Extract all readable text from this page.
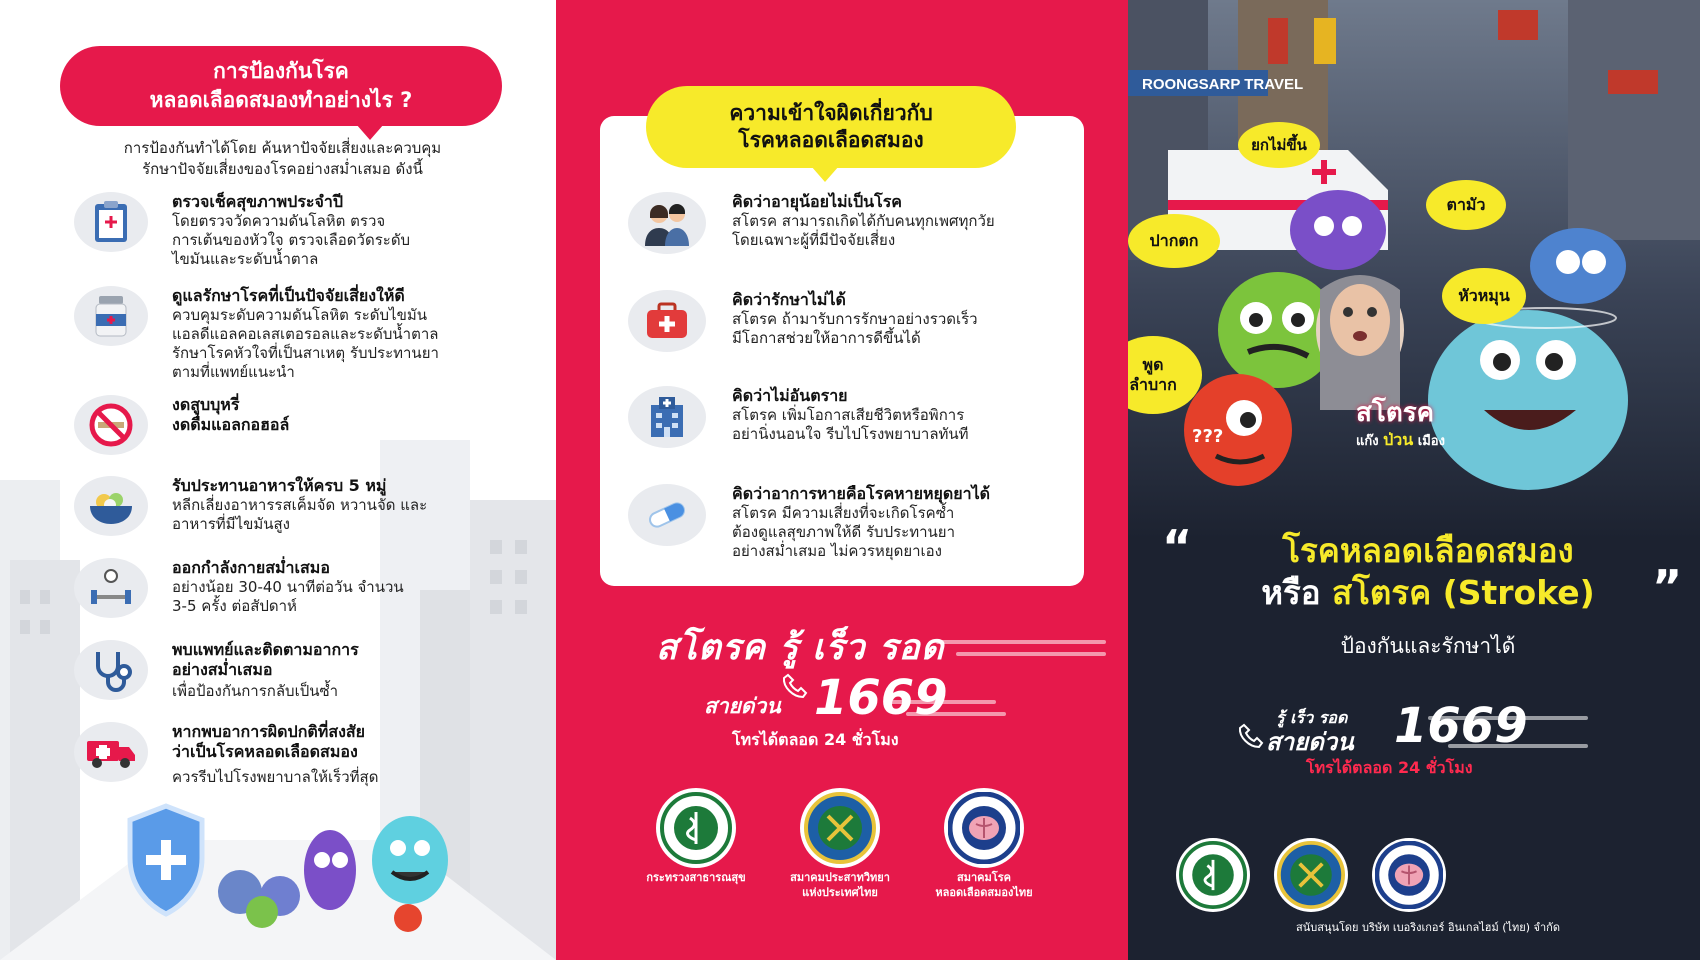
การป้องกันโรค
หลอดเลือดสมองทำอย่างไร ?
การป้องกันทำได้โดย ค้นหาปัจจัยเสี่ยงและควบคุม
รักษาปัจจัยเสี่ยงของโรคอย่างสม่ำเสมอ ดังนี้
ตรวจเช็คสุขภาพประจำปี
โดยตรวจวัดความดันโลหิต ตรวจ
การเต้นของหัวใจ ตรวจเลือดวัดระดับ
ไขมันและระดับน้ำตาล
ดูแลรักษาโรคที่เป็นปัจจัยเสี่ยงให้ดี
ควบคุมระดับความดันโลหิต ระดับไขมัน
แอลดีแอลคอเลสเตอรอลและระดับน้ำตาล
รักษาโรคหัวใจที่เป็นสาเหตุ รับประทานยา
ตามที่แพทย์แนะนำ
งดสูบบุหรี่
งดดื่มแอลกอฮอล์
รับประทานอาหารให้ครบ 5 หมู่
หลีกเลี่ยงอาหารรสเค็มจัด หวานจัด และ
อาหารที่มีไขมันสูง
ออกกำลังกายสม่ำเสมอ
อย่างน้อย 30-40 นาทีต่อวัน จำนวน
3-5 ครั้ง ต่อสัปดาห์
พบแพทย์และติดตามอาการ
อย่างสม่ำเสมอ
เพื่อป้องกันการกลับเป็นซ้ำ
หากพบอาการผิดปกติที่สงสัย
ว่าเป็นโรคหลอดเลือดสมอง
ควรรีบไปโรงพยาบาลให้เร็วที่สุด
ความเข้าใจผิดเกี่ยวกับ
โรคหลอดเลือดสมอง
คิดว่าอายุน้อยไม่เป็นโรค
สโตรค สามารถเกิดได้กับคนทุกเพศทุกวัย
โดยเฉพาะผู้ที่มีปัจจัยเสี่ยง
คิดว่ารักษาไม่ได้
สโตรค ถ้ามารับการรักษาอย่างรวดเร็ว
มีโอกาสช่วยให้อาการดีขึ้นได้
คิดว่าไม่อันตราย
สโตรค เพิ่มโอกาสเสียชีวิตหรือพิการ
อย่านิ่งนอนใจ รีบไปโรงพยาบาลทันที
คิดว่าอาการหายคือโรคหายหยุดยาได้
สโตรค มีความเสี่ยงที่จะเกิดโรคซ้ำ
ต้องดูแลสุขภาพให้ดี รับประทานยา
อย่างสม่ำเสมอ ไม่ควรหยุดยาเอง
สโตรค รู้ เร็ว รอด
สายด่วน 1669
โทรได้ตลอด 24 ชั่วโมง
กระทรวงสาธารณสุข	สมาคมประสาทวิทยา
แห่งประเทศไทย
สมาคมโรค
หลอดเลือดสมองไทย
ROONGSARP TRAVEL
???
ยกไม่ขึ้น
ตามัว
ปากตก
หัวหมุน
พูด
ลำบาก
สโตรค
แก๊ง ป่วน เมือง
“
”
โรคหลอดเลือดสมอง
หรือ สโตรค (Stroke)
ป้องกันและรักษาได้
รู้ เร็ว รอด
สายด่วน 1669
โทรได้ตลอด 24 ชั่วโมง
สนับสนุนโดย บริษัท เบอริงเกอร์ อินเกลไฮม์ (ไทย) จำกัด
